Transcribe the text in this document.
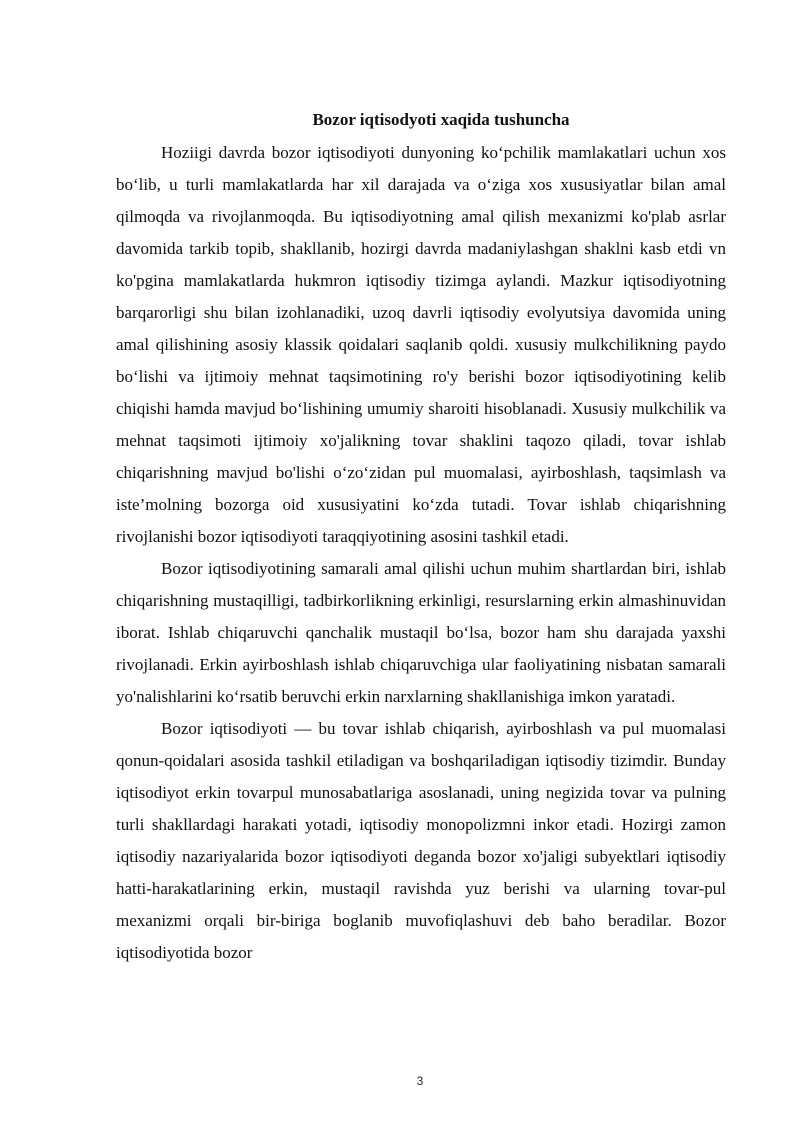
Bozor iqtisodyoti xaqida tushuncha

Hoziigi davrda bozor iqtisodiyoti dunyoning ko‘pchilik mamlakatlari uchun xos bo‘lib, u turli mamlakatlarda har xil darajada va o‘ziga xos xususiyatlar bilan amal qilmoqda va rivojlanmoqda. Bu iqtisodiyotning amal qilish mexanizmi ko'plab asrlar davomida tarkib topib, shakllanib, hozirgi davrda madaniylashgan shaklni kasb etdi vn ko'pgina mamlakatlarda hukmron iqtisodiy tizimga aylandi. Mazkur iqtisodiyotning barqarorligi shu bilan izohlanadiki, uzoq davrli iqtisodiy evolyutsiya davomida uning amal qilishining asosiy klassik qoidalari saqlanib qoldi. xususiy mulkchilikning paydo bo‘lishi va ijtimoiy mehnat taqsimotining ro'y berishi bozor iqtisodiyotining kelib chiqishi hamda mavjud bo‘lishining umumiy sharoiti hisoblanadi. Xususiy mulkchilik va mehnat taqsimoti ijtimoiy xo'jalikning tovar shaklini taqozo qiladi, tovar ishlab chiqarishning mavjud bo'lishi o‘zo‘zidan pul muomalasi, ayirboshlash, taqsimlash va iste’molning bozorga oid xususiyatini ko‘zda tutadi. Tovar ishlab chiqarishning rivojlanishi bozor iqtisodiyoti taraqqiyotining asosini tashkil etadi.

Bozor iqtisodiyotining samarali amal qilishi uchun muhim shartlardan biri, ishlab chiqarishning mustaqilligi, tadbirkorlikning erkinligi, resurslarning erkin almashinuvidan iborat. Ishlab chiqaruvchi qanchalik mustaqil bo‘lsa, bozor ham shu darajada yaxshi rivojlanadi. Erkin ayirboshlash ishlab chiqaruvchiga ular faoliyatining nisbatan samarali yo'nalishlarini ko‘rsatib beruvchi erkin narxlarning shakllanishiga imkon yaratadi.

Bozor iqtisodiyoti — bu tovar ishlab chiqarish, ayirboshlash va pul muomalasi qonun-qoidalari asosida tashkil etiladigan va boshqariladigan iqtisodiy tizimdir. Bunday iqtisodiyot erkin tovarpul munosabatlariga asoslanadi, uning negizida tovar va pulning turli shakllardagi harakati yotadi, iqtisodiy monopolizmni inkor etadi. Hozirgi zamon iqtisodiy nazariyalarida bozor iqtisodiyoti deganda bozor xo'jaligi subyektlari iqtisodiy hatti-harakatlarining erkin, mustaqil ravishda yuz berishi va ularning tovar-pul mexanizmi orqali bir-biriga boglanib muvofiqlashuvi deb baho beradilar. Bozor iqtisodiyotida bozor

3
